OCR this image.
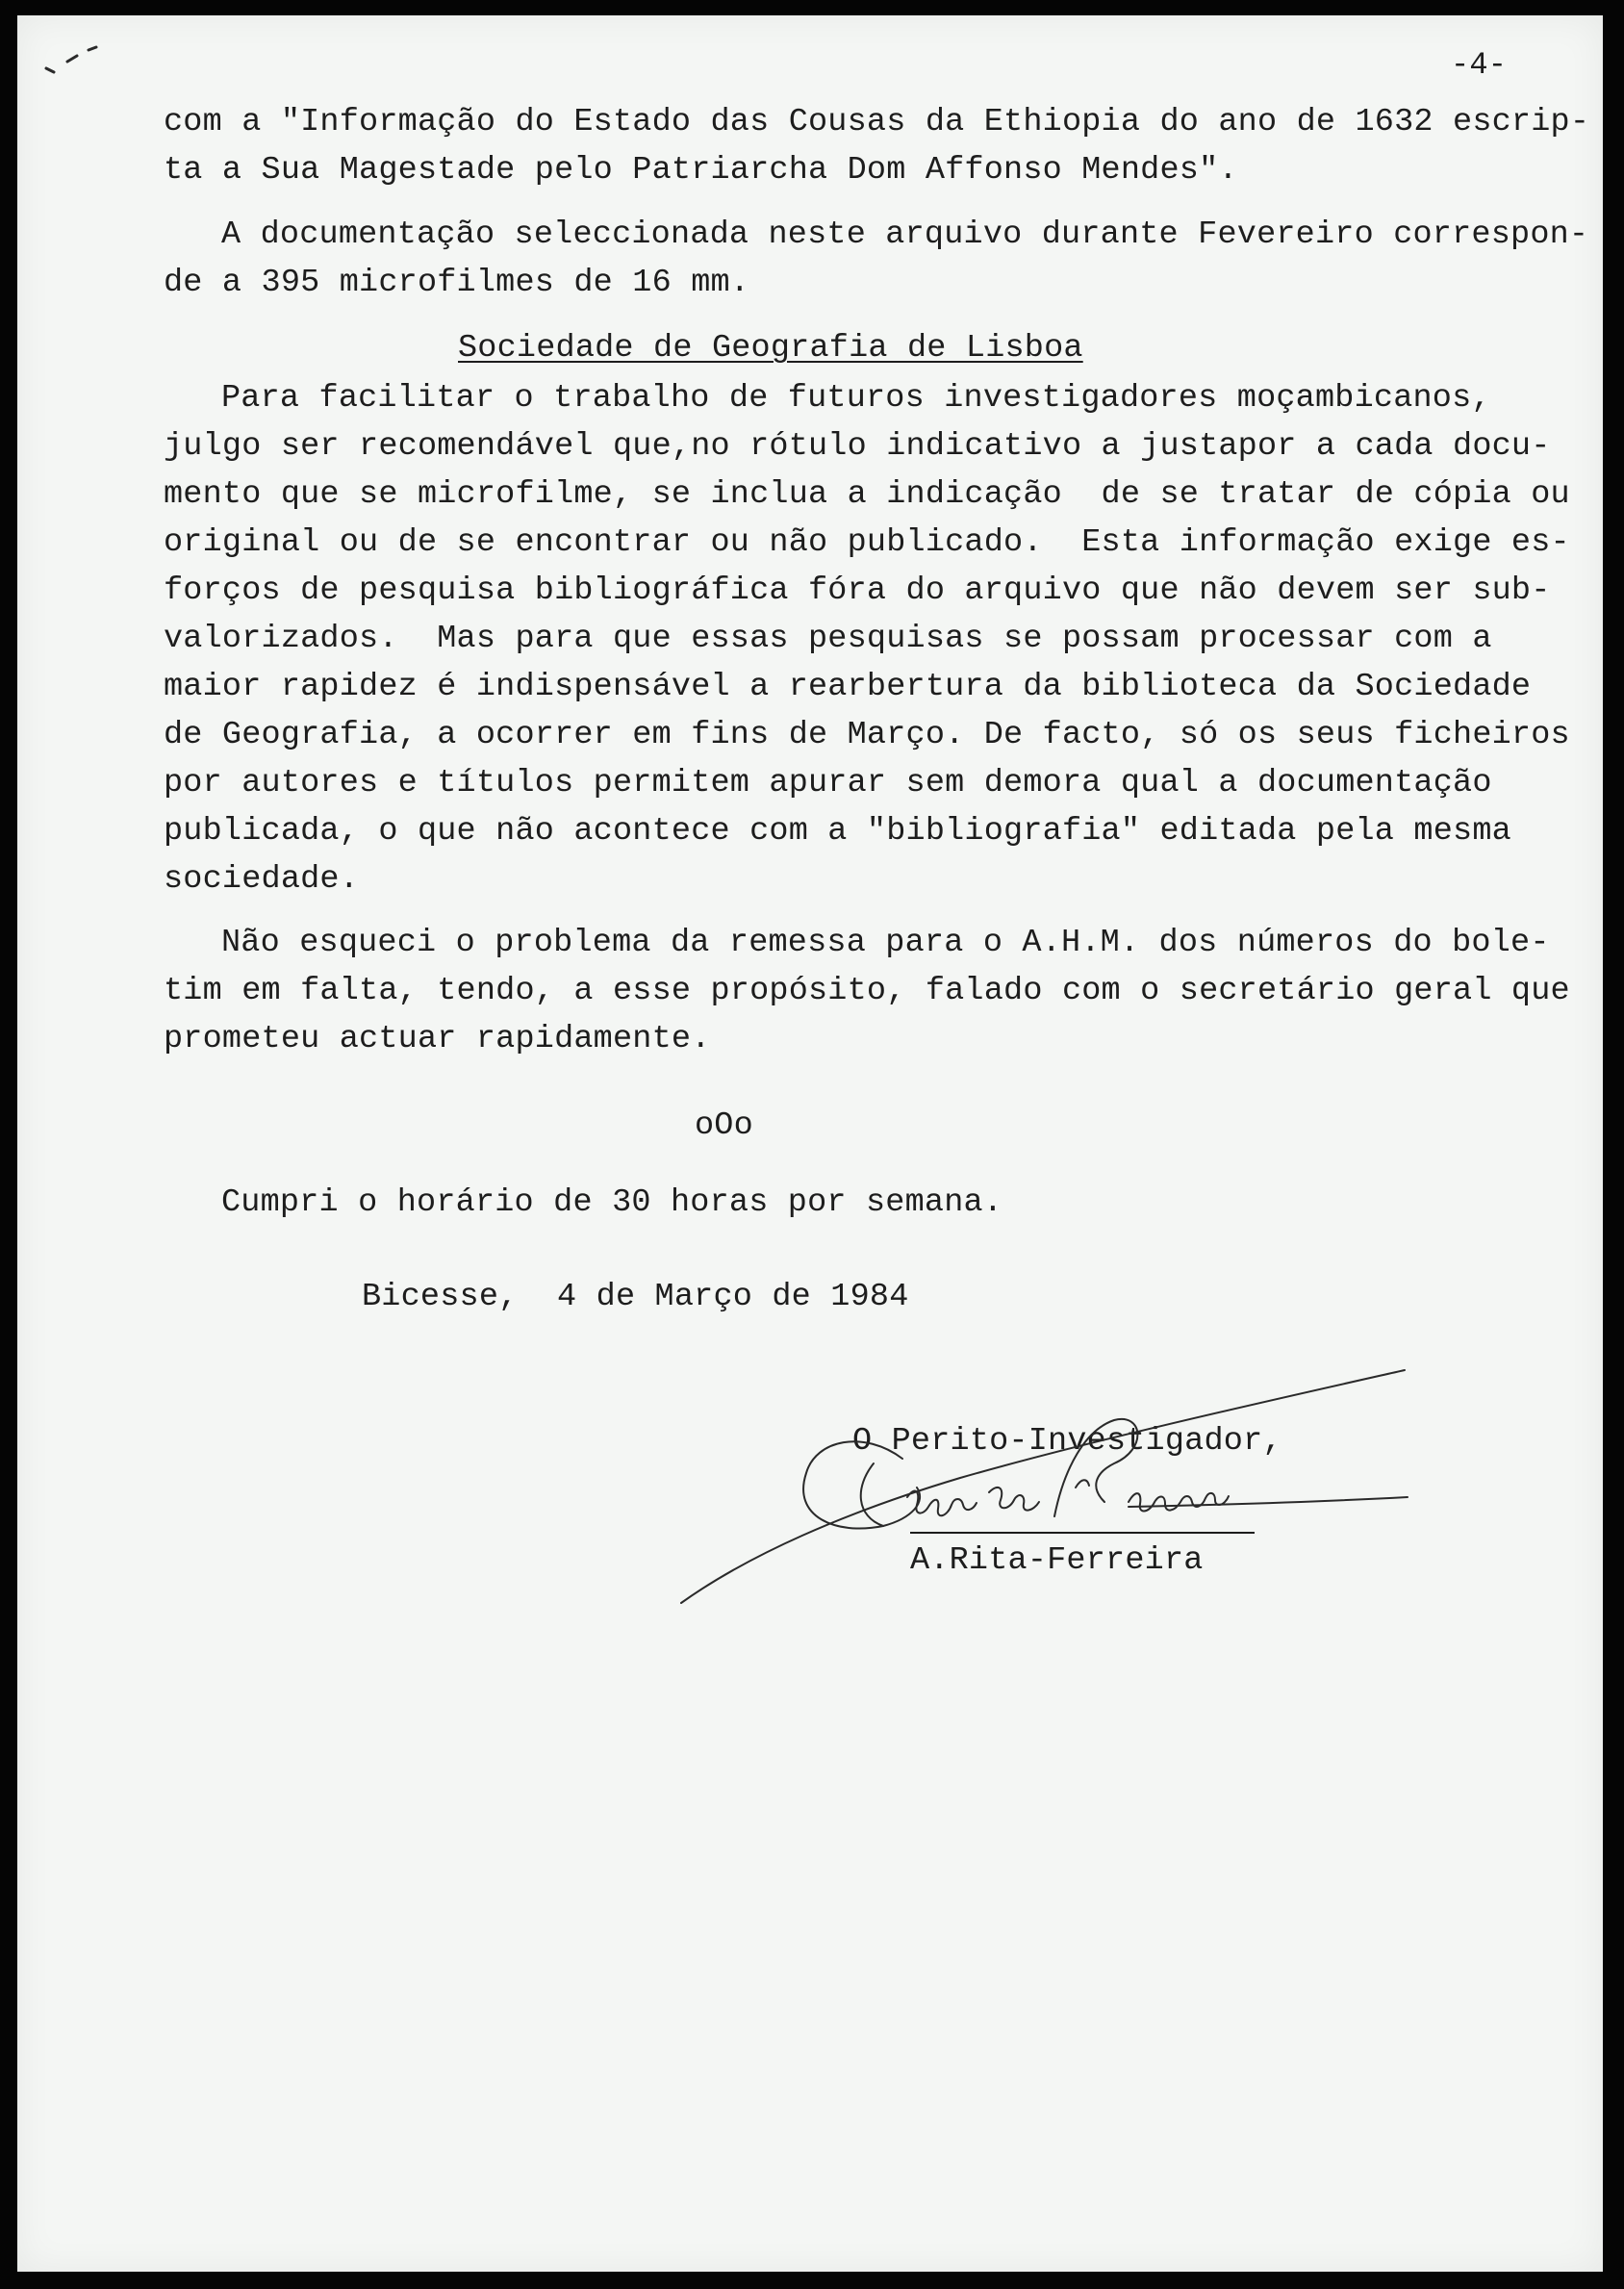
-4-
com a "Informação do Estado das Cousas da Ethiopia do ano de 1632 escrip-
ta a Sua Magestade pelo Patriarcha Dom Affonso Mendes".
A documentação seleccionada neste arquivo durante Fevereiro correspon-
de a 395 microfilmes de 16 mm.
Sociedade de Geografia de Lisboa
Para facilitar o trabalho de futuros investigadores moçambicanos,
julgo ser recomendável que,no rótulo indicativo a justapor a cada docu-
mento que se microfilme, se inclua a indicação  de se tratar de cópia ou
original ou de se encontrar ou não publicado.  Esta informação exige es-
forços de pesquisa bibliográfica fóra do arquivo que não devem ser sub-
valorizados.  Mas para que essas pesquisas se possam processar com a
maior rapidez é indispensável a rearbertura da biblioteca da Sociedade
de Geografia, a ocorrer em fins de Março. De facto, só os seus ficheiros
por autores e títulos permitem apurar sem demora qual a documentação
publicada, o que não acontece com a "bibliografia" editada pela mesma
sociedade.
Não esqueci o problema da remessa para o A.H.M. dos números do bole-
tim em falta, tendo, a esse propósito, falado com o secretário geral que
prometeu actuar rapidamente.
oOo
Cumpri o horário de 30 horas por semana.
Bicesse,  4 de Março de 1984
O Perito-Investigador,
A.Rita-Ferreira
